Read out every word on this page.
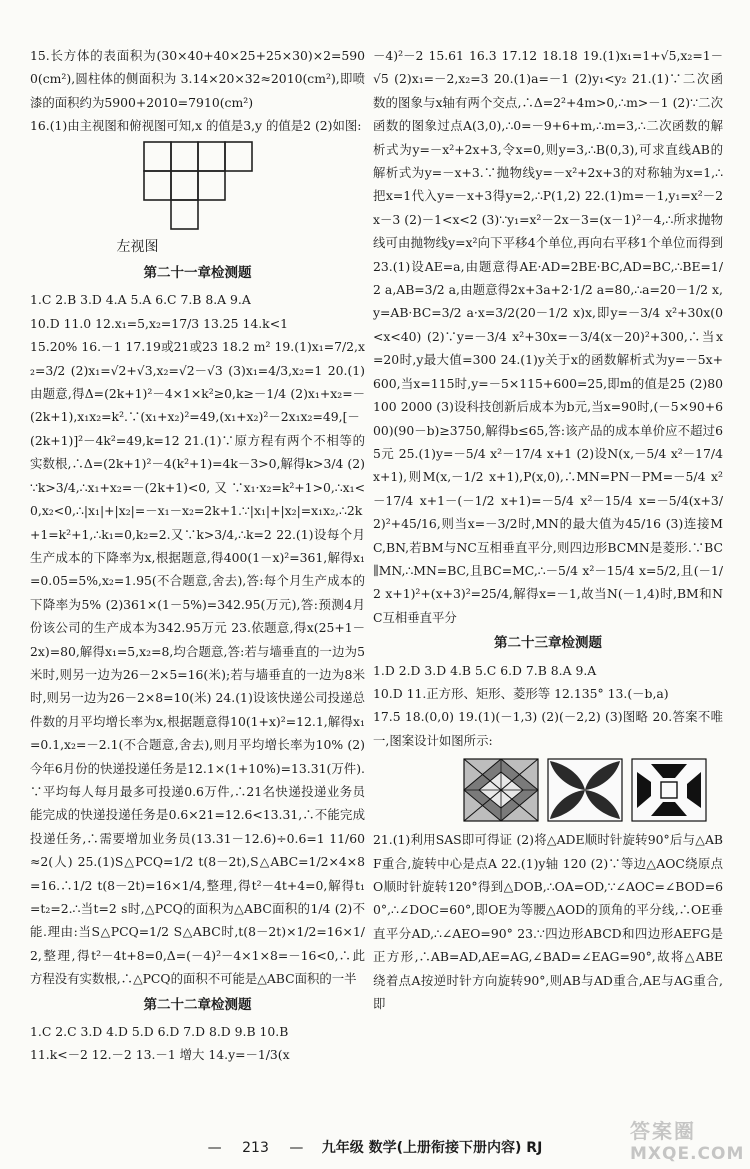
15.长方体的表面积为(30×40+40×25+25×30)×2=5900(cm²),圆柱体的侧面积为 3.14×20×32≈2010(cm²),即喷漆的面积约为5900+2010=7910(cm²)

16.(1)由主视图和俯视图可知,x 的值是3,y 的值是2 (2)如图:

左视图

第二十一章检测题

1.C 2.B 3.D 4.A 5.A 6.C 7.B 8.A 9.A

10.D 11.0 12.x₁=5,x₂=17/3 13.25 14.k<1

15.20% 16.－1 17.19或21或23 18.2 m² 19.(1)x₁=7/2,x₂=3/2 (2)x₁=√2+√3,x₂=√2－√3 (3)x₁=4/3,x₂=1 20.(1)由题意,得Δ=(2k+1)²－4×1×k²≥0,k≥－1/4 (2)x₁+x₂=－(2k+1),x₁x₂=k².∵(x₁+x₂)²=49,(x₁+x₂)²－2x₁x₂=49,[－(2k+1)]²－4k²=49,k=12 21.(1)∵原方程有两个不相等的实数根,∴Δ=(2k+1)²－4(k²+1)=4k－3>0,解得k>3/4 (2)∵k>3/4,∴x₁+x₂=－(2k+1)<0,又∵x₁·x₂=k²+1>0,∴x₁<0,x₂<0,∴|x₁|+|x₂|=－x₁－x₂=2k+1.∵|x₁|+|x₂|=x₁x₂,∴2k+1=k²+1,∴k₁=0,k₂=2.又∵k>3/4,∴k=2 22.(1)设每个月生产成本的下降率为x,根据题意,得400(1－x)²=361,解得x₁=0.05=5%,x₂=1.95(不合题意,舍去),答:每个月生产成本的下降率为5% (2)361×(1－5%)=342.95(万元),答:预测4月份该公司的生产成本为342.95万元 23.依题意,得x(25+1－2x)=80,解得x₁=5,x₂=8,均合题意,答:若与墙垂直的一边为5米时,则另一边为26－2×5=16(米);若与墙垂直的一边为8米时,则另一边为26－2×8=10(米) 24.(1)设该快递公司投递总件数的月平均增长率为x,根据题意得10(1+x)²=12.1,解得x₁=0.1,x₂=－2.1(不合题意,舍去),则月平均增长率为10% (2)今年6月份的快递投递任务是12.1×(1+10%)=13.31(万件).∵平均每人每月最多可投递0.6万件,∴21名快递投递业务员能完成的快递投递任务是0.6×21=12.6<13.31,∴不能完成投递任务,∴需要增加业务员(13.31－12.6)÷0.6=1 11/60≈2(人) 25.(1)S△PCQ=1/2 t(8－2t),S△ABC=1/2×4×8=16.∴1/2 t(8－2t)=16×1/4,整理,得t²－4t+4=0,解得t₁=t₂=2.∴当t=2 s时,△PCQ的面积为△ABC面积的1/4 (2)不能.理由:当S△PCQ=1/2 S△ABC时,t(8－2t)×1/2=16×1/2,整理,得t²－4t+8=0,Δ=(－4)²－4×1×8=－16<0,∴此方程没有实数根,∴△PCQ的面积不可能是△ABC面积的一半

第二十二章检测题

1.C 2.C 3.D 4.D 5.D 6.D 7.D 8.D 9.B 10.B

11.k<－2 12.－2 13.－1 增大 14.y=－1/3(x

－4)²－2 15.61 16.3 17.12 18.18 19.(1)x₁=1+√5,x₂=1－√5 (2)x₁=－2,x₂=3 20.(1)a=－1 (2)y₁<y₂ 21.(1)∵二次函数的图象与x轴有两个交点,∴Δ=2²+4m>0,∴m>－1 (2)∵二次函数的图象过点A(3,0),∴0=－9+6+m,∴m=3,∴二次函数的解析式为y=－x²+2x+3,令x=0,则y=3,∴B(0,3),可求直线AB的解析式为y=－x+3.∵抛物线y=－x²+2x+3的对称轴为x=1,∴把x=1代入y=－x+3得y=2,∴P(1,2) 22.(1)m=－1,y₁=x²－2x－3 (2)－1<x<2 (3)∵y₁=x²－2x－3=(x－1)²－4,∴所求抛物线可由抛物线y=x²向下平移4个单位,再向右平移1个单位而得到 23.(1)设AE=a,由题意得AE·AD=2BE·BC,AD=BC,∴BE=1/2 a,AB=3/2 a,由题意得2x+3a+2·1/2 a=80,∴a=20－1/2 x,y=AB·BC=3/2 a·x=3/2(20－1/2 x)x,即y=－3/4 x²+30x(0<x<40) (2)∵y=－3/4 x²+30x=－3/4(x－20)²+300,∴当x=20时,y最大值=300 24.(1)y关于x的函数解析式为y=－5x+600,当x=115时,y=－5×115+600=25,即m的值是25 (2)80 100 2000 (3)设科技创新后成本为b元,当x=90时,(－5×90+600)(90－b)≥3750,解得b≤65,答:该产品的成本单价应不超过65元 25.(1)y=－5/4 x²－17/4 x+1 (2)设N(x,－5/4 x²－17/4 x+1),则M(x,－1/2 x+1),P(x,0),∴MN=PN－PM=－5/4 x²－17/4 x+1－(－1/2 x+1)=－5/4 x²－15/4 x=－5/4(x+3/2)²+45/16,则当x=－3/2时,MN的最大值为45/16 (3)连接MC,BN,若BM与NC互相垂直平分,则四边形BCMN是菱形.∵BC∥MN,∴MN=BC,且BC=MC,∴－5/4 x²－15/4 x=5/2,且(－1/2 x+1)²+(x+3)²=25/4,解得x=－1,故当N(－1,4)时,BM和NC互相垂直平分

第二十三章检测题

1.D 2.D 3.D 4.B 5.C 6.D 7.B 8.A 9.A

10.D 11.正方形、矩形、菱形等 12.135° 13.(－b,a)

17.5 18.(0,0) 19.(1)(－1,3) (2)(－2,2) (3)图略 20.答案不唯一,图案设计如图所示:

21.(1)利用SAS即可得证 (2)将△ADE顺时针旋转90°后与△ABF重合,旋转中心是点A 22.(1)y轴 120 (2)∵等边△AOC绕原点O顺时针旋转120°得到△DOB,∴OA=OD,∵∠AOC=∠BOD=60°,∴∠DOC=60°,即OE为等腰△AOD的顶角的平分线,∴OE垂直平分AD,∴∠AEO=90° 23.∵四边形ABCD和四边形AEFG是正方形,∴AB=AD,AE=AG,∠BAD=∠EAG=90°,故将△ABE绕着点A按逆时针方向旋转90°,则AB与AD重合,AE与AG重合,即

— 213 — 九年级 数学(上册衔接下册内容) RJ
答案圈
MXQE.COM
